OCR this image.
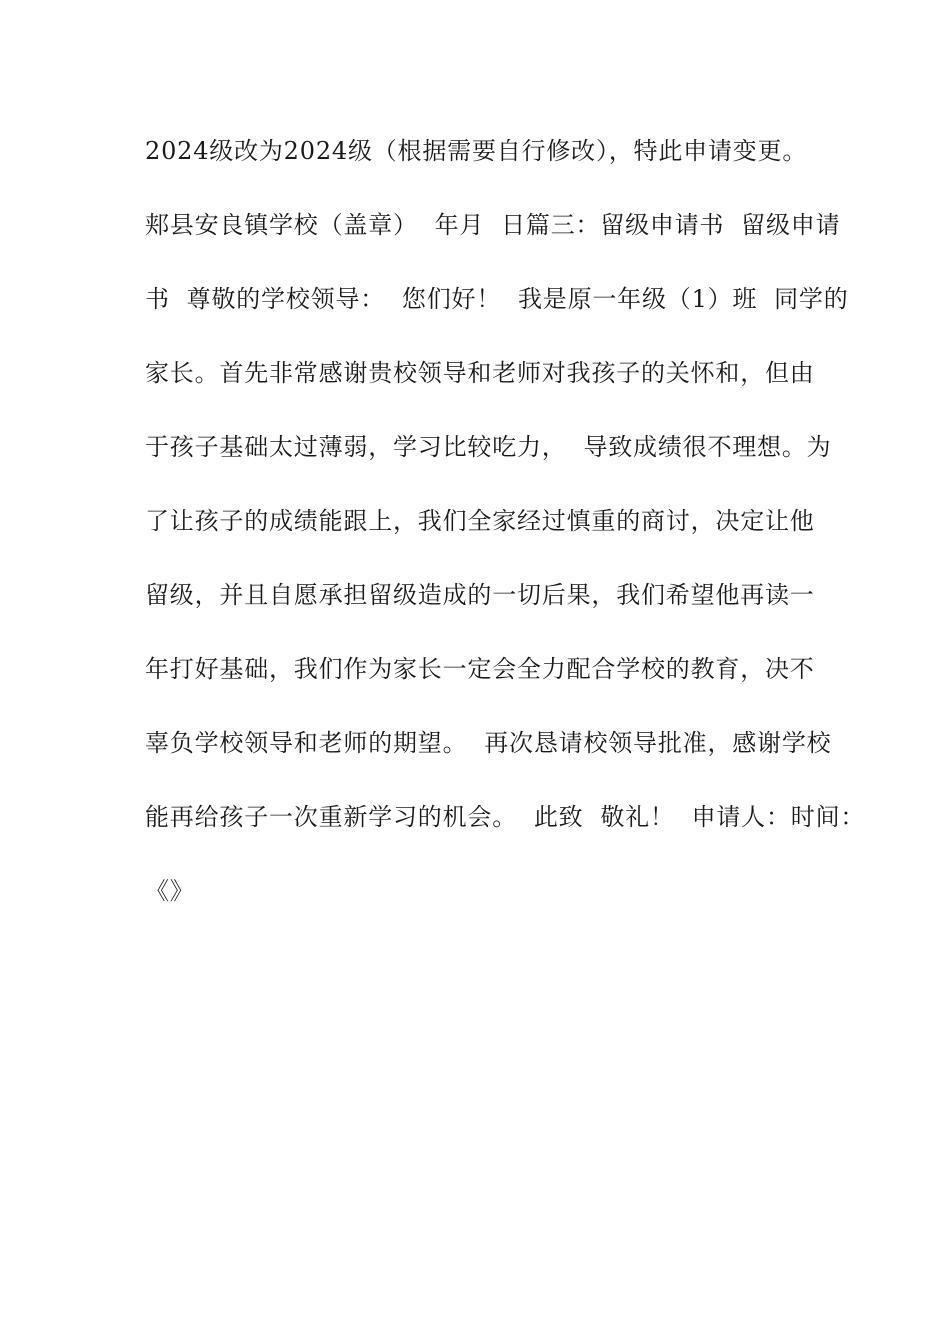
2024级改为2024级（根据需要自行修改），特此申请变更。
郏县安良镇学校（盖章）  年月  日篇三：留级申请书  留级申请
书  尊敬的学校领导：  您们好！  我是原一年级（1）班  同学的
家长。首先非常感谢贵校领导和老师对我孩子的关怀和，但由
于孩子基础太过薄弱，学习比较吃力，  导致成绩很不理想。为
了让孩子的成绩能跟上，我们全家经过慎重的商讨，决定让他
留级，并且自愿承担留级造成的一切后果，我们希望他再读一
年打好基础，我们作为家长一定会全力配合学校的教育，决不
辜负学校领导和老师的期望。  再次恳请校领导批准，感谢学校
能再给孩子一次重新学习的机会。  此致  敬礼！  申请人：时间：
《》
